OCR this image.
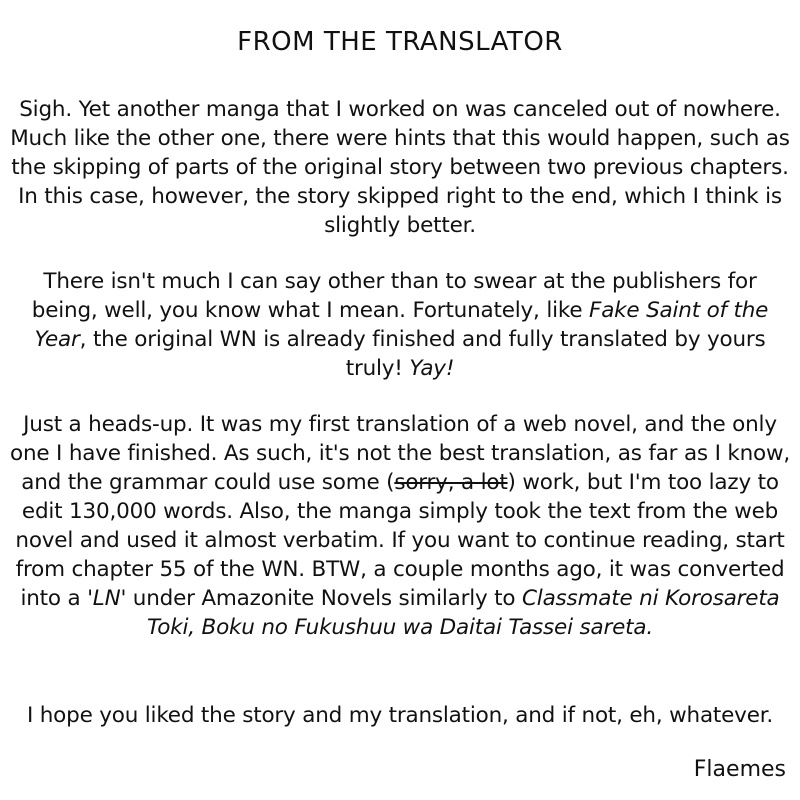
FROM THE TRANSLATOR
Sigh. Yet another manga that I worked on was canceled out of nowhere. Much like the other one, there were hints that this would happen, such as the skipping of parts of the original story between two previous chapters. In this case, however, the story skipped right to the end, which I think is slightly better.
There isn't much I can say other than to swear at the publishers for being, well, you know what I mean. Fortunately, like Fake Saint of the Year, the original WN is already finished and fully translated by yours truly! Yay!
Just a heads-up. It was my first translation of a web novel, and the only one I have finished. As such, it's not the best translation, as far as I know, and the grammar could use some (sorry, a lot) work, but I'm too lazy to edit 130,000 words. Also, the manga simply took the text from the web novel and used it almost verbatim. If you want to continue reading, start from chapter 55 of the WN. BTW, a couple months ago, it was converted into a 'LN' under Amazonite Novels similarly to Classmate ni Korosareta Toki, Boku no Fukushuu wa Daitai Tassei sareta.
I hope you liked the story and my translation, and if not, eh, whatever.
Flaemes
